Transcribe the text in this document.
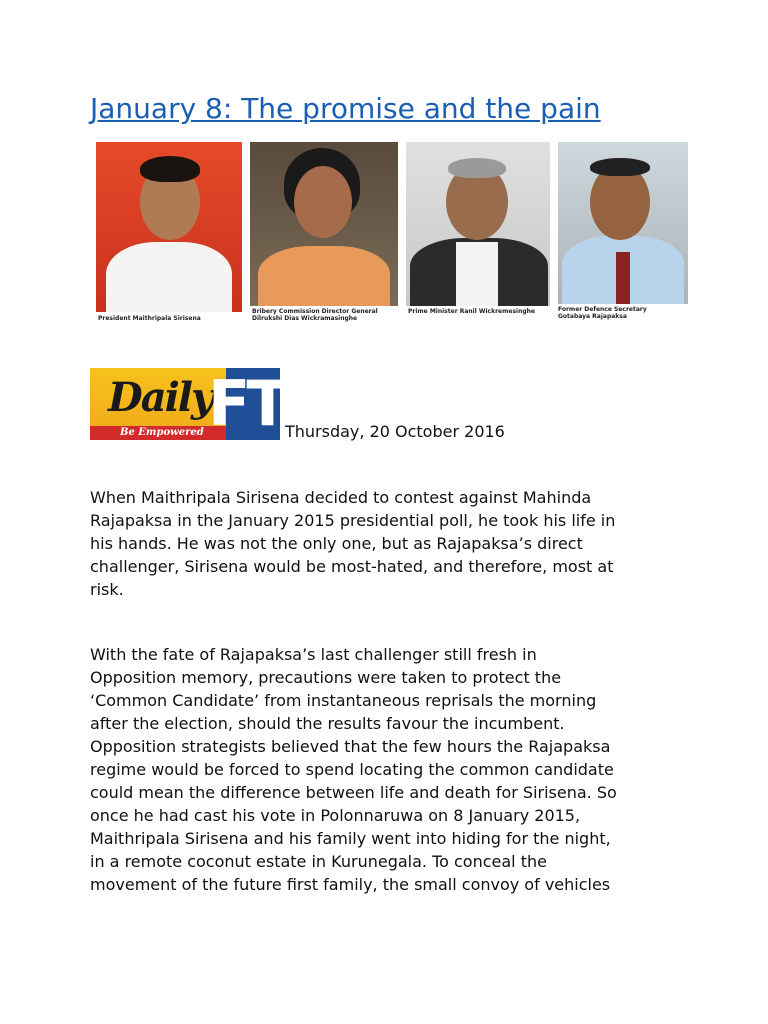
January 8: The promise and the pain
President Maithripala Sirisena
Bribery Commission Director General
Dilrukshi Dias Wickramasinghe
Prime Minister Ranil Wickremesinghe	Former Defence Secretary
Gotabaya Rajapaksa
Daily
FT
Be Empowered	Thursday, 20 October 2016
When Maithripala Sirisena decided to contest against Mahinda
Rajapaksa in the January 2015 presidential poll, he took his life in
his hands. He was not the only one, but as Rajapaksa’s direct
challenger, Sirisena would be most-hated, and therefore, most at
risk.
With the fate of Rajapaksa’s last challenger still fresh in
Opposition memory, precautions were taken to protect the
‘Common Candidate’ from instantaneous reprisals the morning
after the election, should the results favour the incumbent.
Opposition strategists believed that the few hours the Rajapaksa
regime would be forced to spend locating the common candidate
could mean the difference between life and death for Sirisena. So
once he had cast his vote in Polonnaruwa on 8 January 2015,
Maithripala Sirisena and his family went into hiding for the night,
in a remote coconut estate in Kurunegala. To conceal the
movement of the future first family, the small convoy of vehicles
